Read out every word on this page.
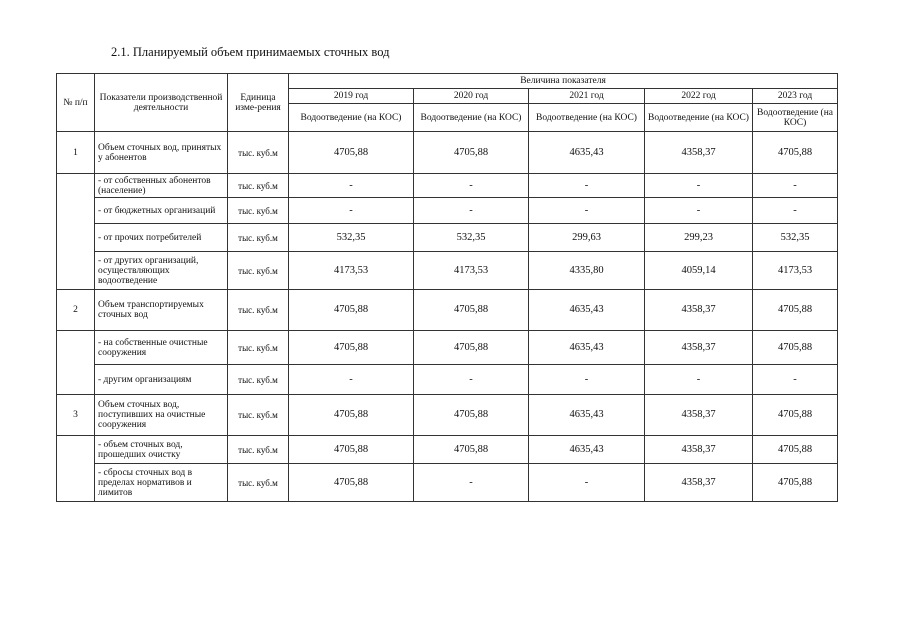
2.1. Планируемый объем принимаемых сточных вод
№ п/п	Показатели производственной деятельности	Единица изме-рения	Величина показателя				
			2019 год	2020 год	2021 год	2022 год	2023 год
			Водоотведение (на КОС)	Водоотведение (на КОС)	Водоотведение (на КОС)	Водоотведение (на КОС)	Водоотведение (на КОС)
1	Объем сточных вод, принятых у абонентов	тыс. куб.м	4705,88	4705,88	4635,43	4358,37	4705,88
	- от собственных абонентов (население)	тыс. куб.м	-	-	-	-	-
	- от бюджетных организаций	тыс. куб.м	-	-	-	-	-
	- от прочих потребителей	тыс. куб.м	532,35	532,35	299,63	299,23	532,35
	- от других организаций, осуществляющих водоотведение	тыс. куб.м	4173,53	4173,53	4335,80	4059,14	4173,53
2	Объем транспортируемых сточных вод	тыс. куб.м	4705,88	4705,88	4635,43	4358,37	4705,88
	- на собственные очистные сооружения	тыс. куб.м	4705,88	4705,88	4635,43	4358,37	4705,88
	- другим организациям	тыс. куб.м	-	-	-	-	-
3	Объем сточных вод, поступивших на очистные сооружения	тыс. куб.м	4705,88	4705,88	4635,43	4358,37	4705,88
	- объем сточных вод, прошедших очистку	тыс. куб.м	4705,88	4705,88	4635,43	4358,37	4705,88
	- сбросы сточных вод в пределах нормативов и лимитов	тыс. куб.м	4705,88	-	-	4358,37	4705,88
